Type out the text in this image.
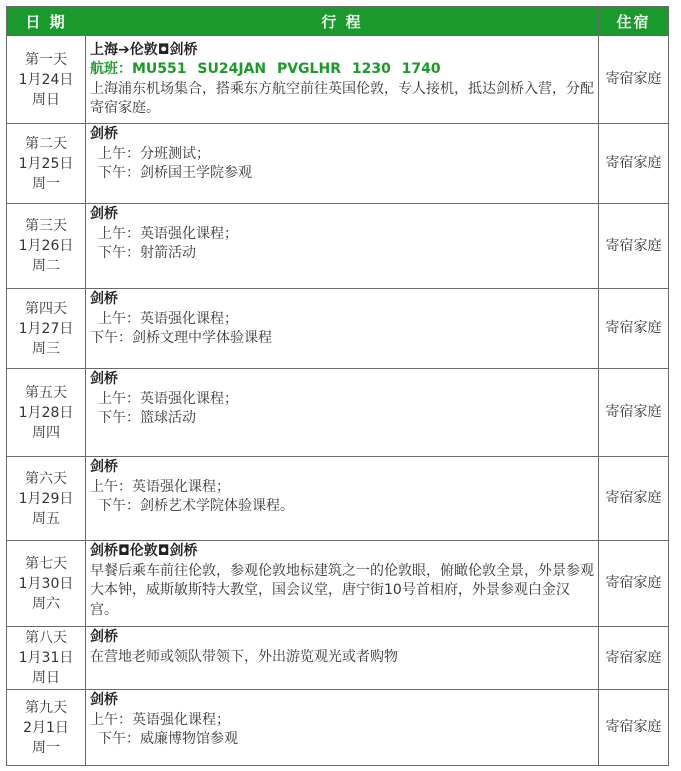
日 期	行 程	住宿

第一天
1月24日
周日	上海➔伦敦◘剑桥
航班：MU551 SU24JAN PVGLHR 1230 1740
上海浦东机场集合，搭乘东方航空前往英国伦敦，专人接机，抵达剑桥入营，分配寄宿家庭。	寄宿家庭

第二天
1月25日
周一	剑桥
上午：分班测试；
下午：剑桥国王学院参观	寄宿家庭

第三天
1月26日
周二	剑桥
上午：英语强化课程；
下午：射箭活动	寄宿家庭

第四天
1月27日
周三	剑桥
上午：英语强化课程；
下午：剑桥文理中学体验课程	寄宿家庭

第五天
1月28日
周四	剑桥
上午：英语强化课程；
下午：篮球活动	寄宿家庭

第六天
1月29日
周五	剑桥
上午：英语强化课程；
下午：剑桥艺术学院体验课程。	寄宿家庭

第七天
1月30日
周六	剑桥◘伦敦◘剑桥
早餐后乘车前往伦敦，参观伦敦地标建筑之一的伦敦眼，俯瞰伦敦全景，外景参观大本钟，威斯敏斯特大教堂，国会议堂，唐宁街10号首相府，外景参观白金汉宫。	寄宿家庭

第八天
1月31日
周日	剑桥
在营地老师或领队带领下，外出游览观光或者购物	寄宿家庭

第九天
2月1日
周一	剑桥
上午：英语强化课程；
下午：威廉博物馆参观	寄宿家庭
